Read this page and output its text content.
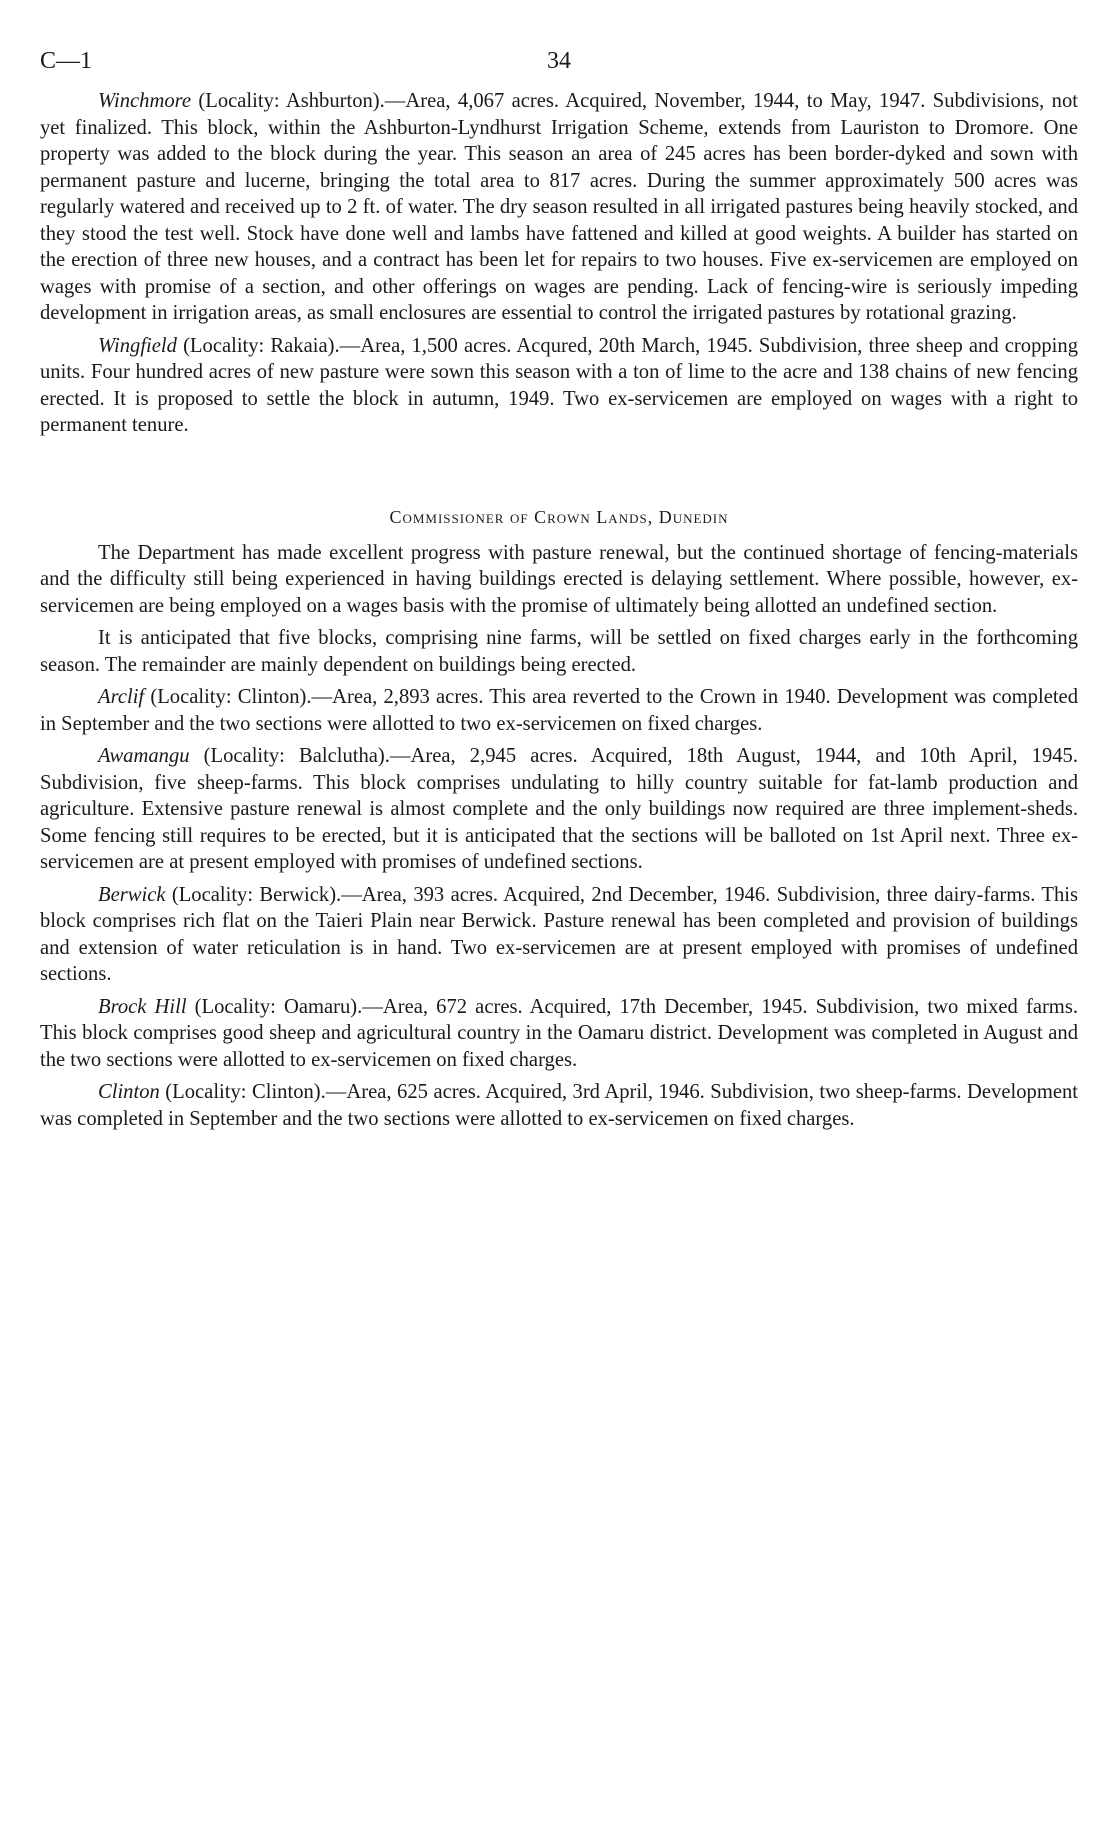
C—1	34

Winchmore (Locality: Ashburton).—Area, 4,067 acres. Acquired, November, 1944, to May, 1947. Subdivisions, not yet finalized. This block, within the Ashburton-Lyndhurst Irrigation Scheme, extends from Lauriston to Dromore. One property was added to the block during the year. This season an area of 245 acres has been border-dyked and sown with permanent pasture and lucerne, bringing the total area to 817 acres. During the summer approximately 500 acres was regularly watered and received up to 2 ft. of water. The dry season resulted in all irrigated pastures being heavily stocked, and they stood the test well. Stock have done well and lambs have fattened and killed at good weights. A builder has started on the erection of three new houses, and a contract has been let for repairs to two houses. Five ex-servicemen are employed on wages with promise of a section, and other offerings on wages are pending. Lack of fencing-wire is seriously impeding development in irrigation areas, as small enclosures are essential to control the irrigated pastures by rotational grazing.

Wingfield (Locality: Rakaia).—Area, 1,500 acres. Acqured, 20th March, 1945. Subdivision, three sheep and cropping units. Four hundred acres of new pasture were sown this season with a ton of lime to the acre and 138 chains of new fencing erected. It is proposed to settle the block in autumn, 1949. Two ex-servicemen are employed on wages with a right to permanent tenure.

Commissioner of Crown Lands, Dunedin

The Department has made excellent progress with pasture renewal, but the continued shortage of fencing-materials and the difficulty still being experienced in having buildings erected is delaying settlement. Where possible, however, ex-servicemen are being employed on a wages basis with the promise of ultimately being allotted an undefined section.

It is anticipated that five blocks, comprising nine farms, will be settled on fixed charges early in the forthcoming season. The remainder are mainly dependent on buildings being erected.

Arclif (Locality: Clinton).—Area, 2,893 acres. This area reverted to the Crown in 1940. Development was completed in September and the two sections were allotted to two ex-servicemen on fixed charges.

Awamangu (Locality: Balclutha).—Area, 2,945 acres. Acquired, 18th August, 1944, and 10th April, 1945. Subdivision, five sheep-farms. This block comprises undulating to hilly country suitable for fat-lamb production and agriculture. Extensive pasture renewal is almost complete and the only buildings now required are three implement-sheds. Some fencing still requires to be erected, but it is anticipated that the sections will be balloted on 1st April next. Three ex-servicemen are at present employed with promises of undefined sections.

Berwick (Locality: Berwick).—Area, 393 acres. Acquired, 2nd December, 1946. Subdivision, three dairy-farms. This block comprises rich flat on the Taieri Plain near Berwick. Pasture renewal has been completed and provision of buildings and extension of water reticulation is in hand. Two ex-servicemen are at present employed with promises of undefined sections.

Brock Hill (Locality: Oamaru).—Area, 672 acres. Acquired, 17th December, 1945. Subdivision, two mixed farms. This block comprises good sheep and agricultural country in the Oamaru district. Development was completed in August and the two sections were allotted to ex-servicemen on fixed charges.

Clinton (Locality: Clinton).—Area, 625 acres. Acquired, 3rd April, 1946. Subdivision, two sheep-farms. Development was completed in September and the two sections were allotted to ex-servicemen on fixed charges.
